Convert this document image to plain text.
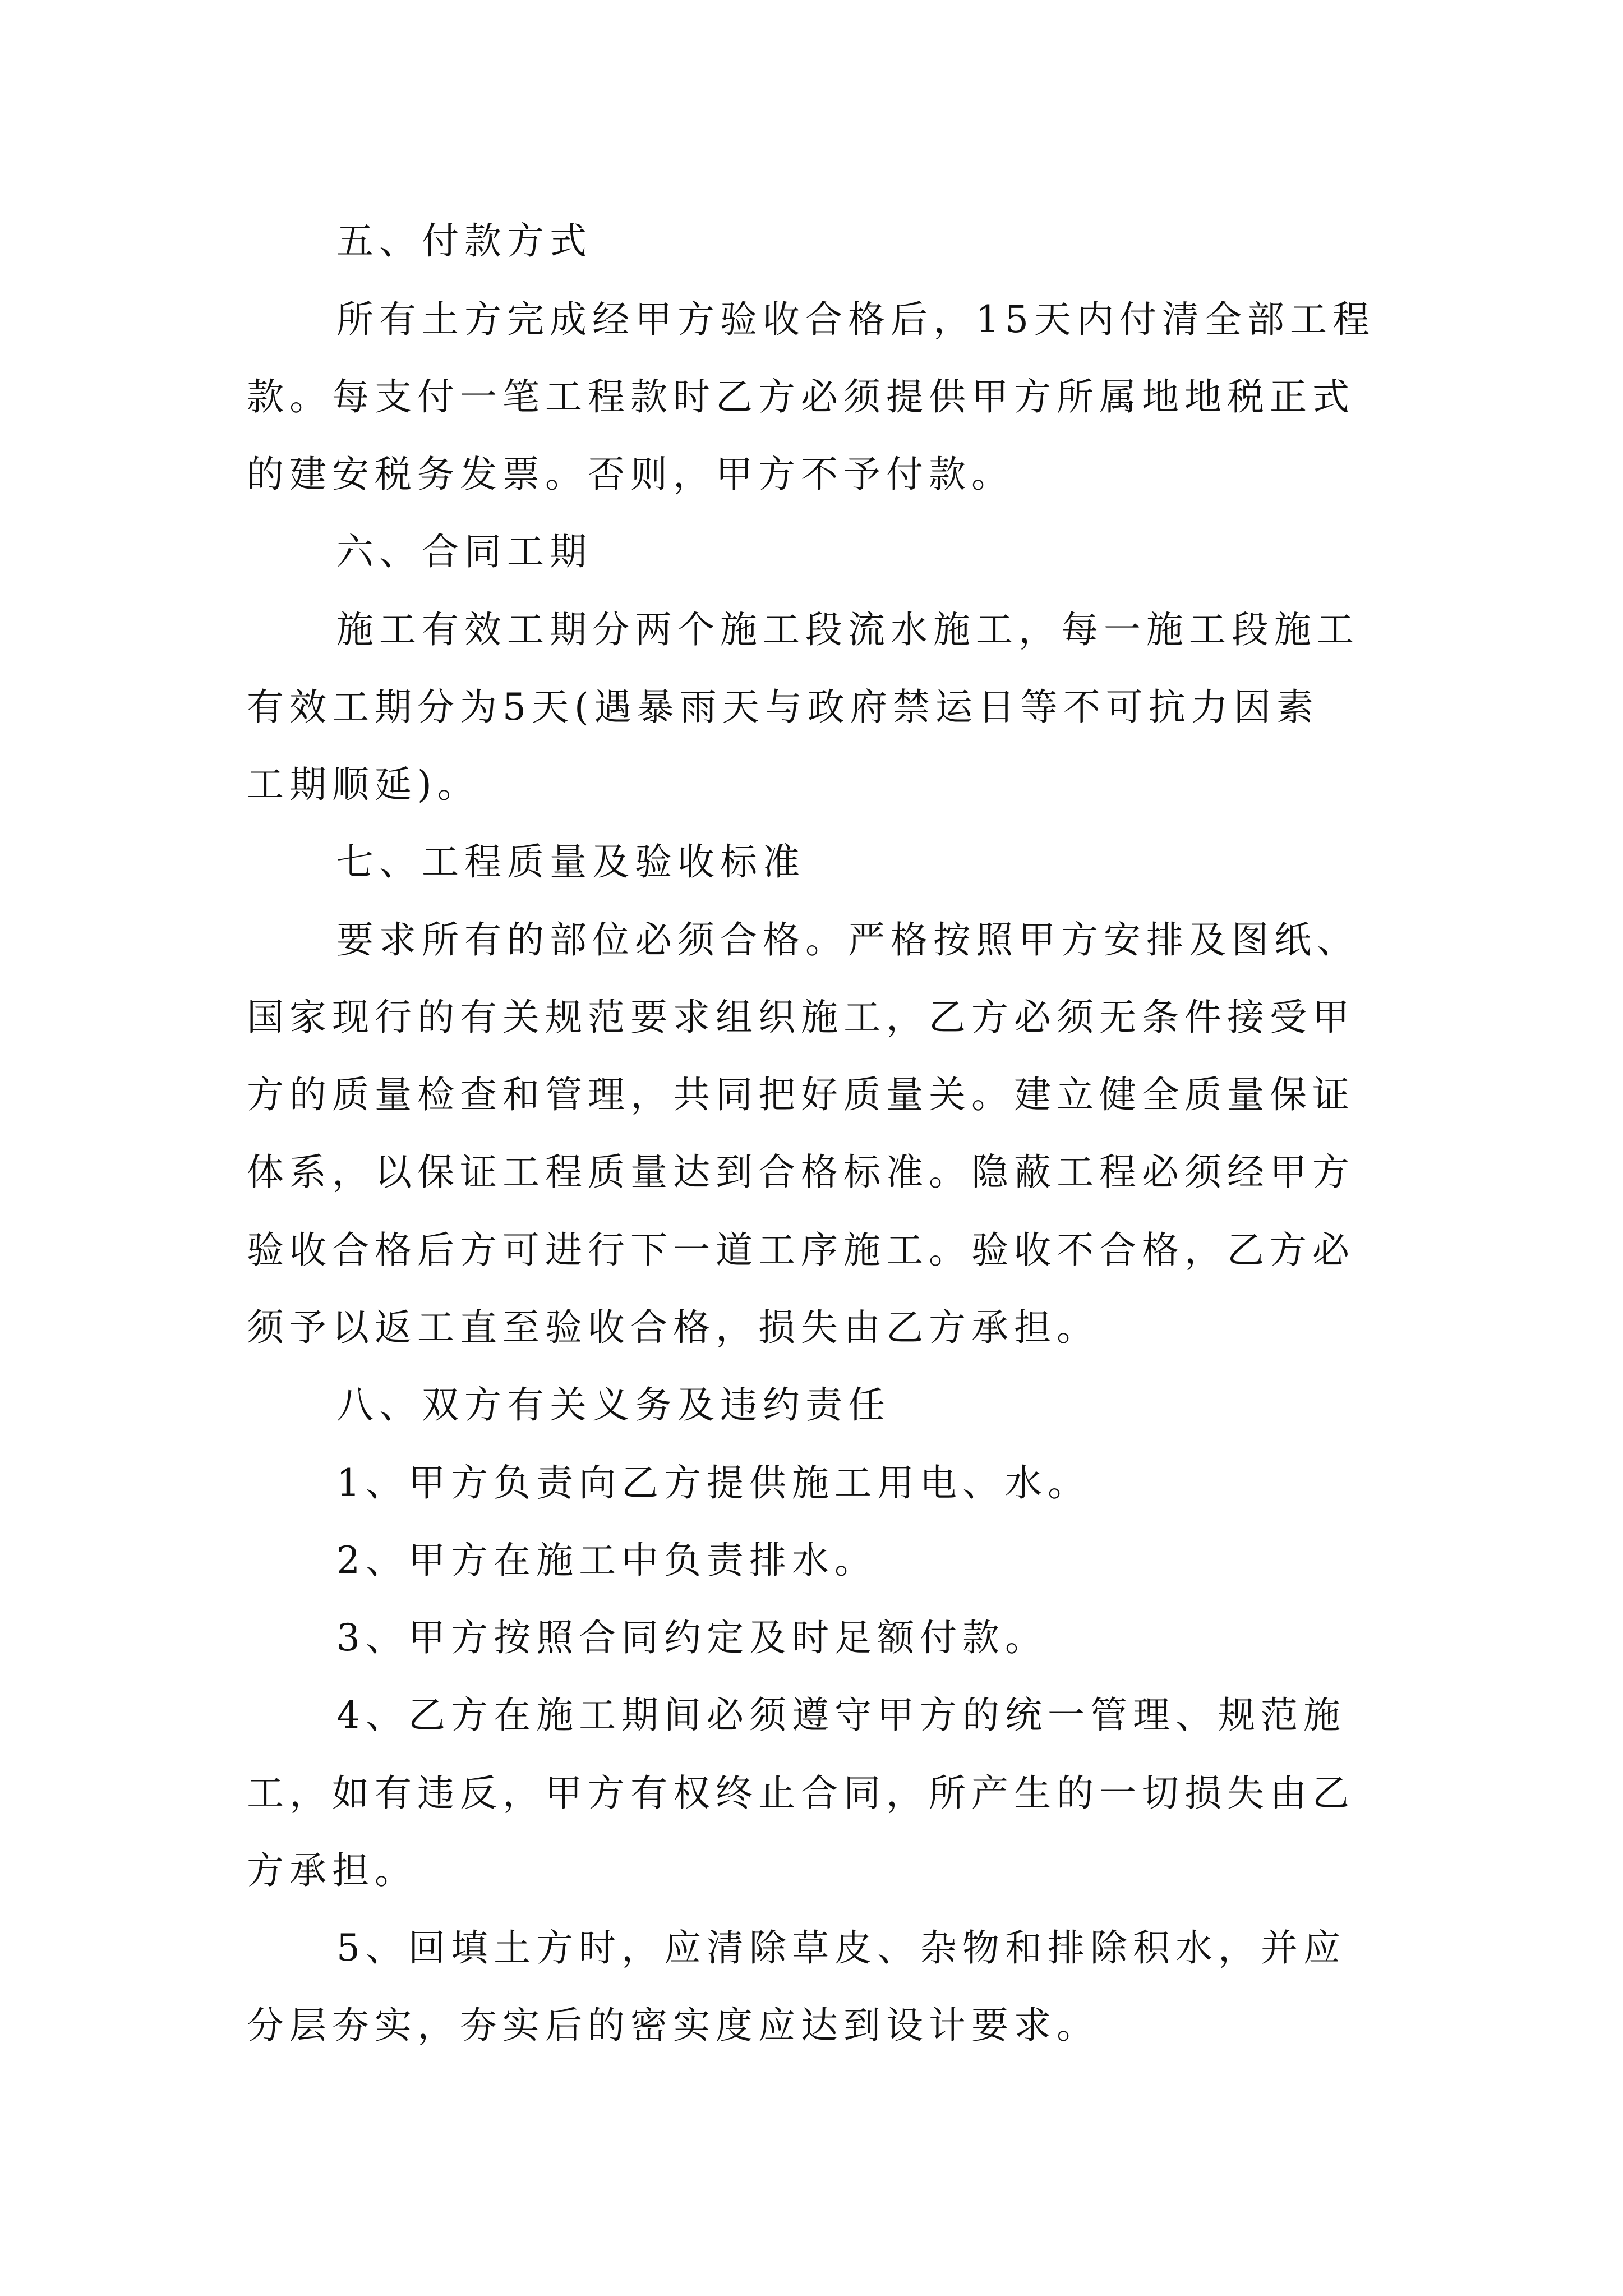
五、付款方式
所有土方完成经甲方验收合格后，15天内付清全部工程
款。每支付一笔工程款时乙方必须提供甲方所属地地税正式
的建安税务发票。否则，甲方不予付款。
六、合同工期
施工有效工期分两个施工段流水施工，每一施工段施工
有效工期分为5天(遇暴雨天与政府禁运日等不可抗力因素
工期顺延)。
七、工程质量及验收标准
要求所有的部位必须合格。严格按照甲方安排及图纸、
国家现行的有关规范要求组织施工，乙方必须无条件接受甲
方的质量检查和管理，共同把好质量关。建立健全质量保证
体系，以保证工程质量达到合格标准。隐蔽工程必须经甲方
验收合格后方可进行下一道工序施工。验收不合格，乙方必
须予以返工直至验收合格，损失由乙方承担。
八、双方有关义务及违约责任
1、甲方负责向乙方提供施工用电、水。
2、甲方在施工中负责排水。
3、甲方按照合同约定及时足额付款。
4、乙方在施工期间必须遵守甲方的统一管理、规范施
工，如有违反，甲方有权终止合同，所产生的一切损失由乙
方承担。
5、回填土方时，应清除草皮、杂物和排除积水，并应
分层夯实，夯实后的密实度应达到设计要求。
